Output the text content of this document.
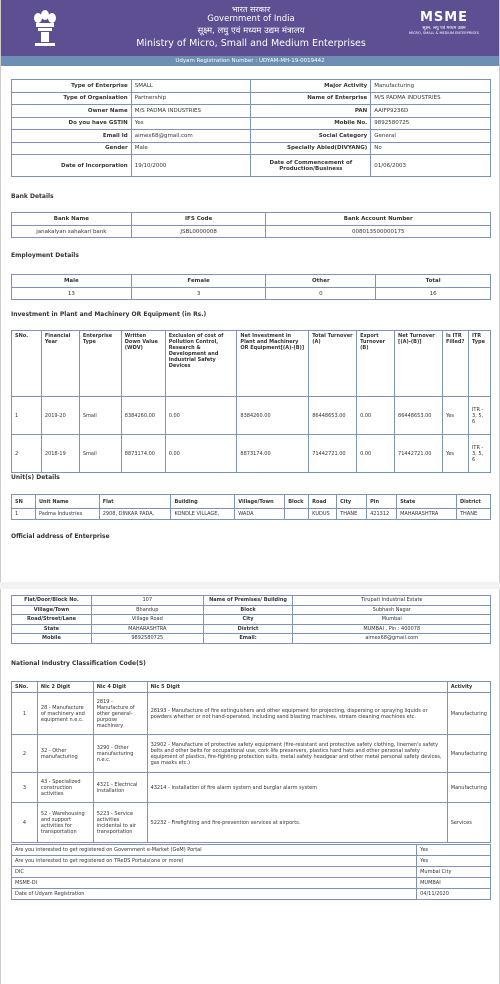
भारत सरकार
Government of India
सूक्ष्म, लघु एवं मध्यम उद्यम मंत्रालय
Ministry of Micro, Small and Medium Enterprises
MSME
सूक्ष्म, लघु एवं मध्यम उद्यम
MICRO, SMALL & MEDIUM ENTERPRISES
Udyam Registration Number : UDYAM-MH-19-0019442
Type of Enterprise	SMALL	Major Activity	Manufacturing
Type of Organisation	Partnership	Name of Enterprise	M/S PADMA INDUSTRIES
Owner Name	M/S PADMA INDUSTRIES	PAN	AAIFP9236D
Do you have GSTIN	Yes	Mobile No.	9892580725
Email Id	aimex68@gmail.com	Social Category	General
Gender	Male	Specially Abled(DIVYANG)	No
Date of Incorporation	19/10/2000	Date of Commencement of Production/Business	01/06/2003
Bank Details
Bank Name	IFS Code	Bank Account Number
janakalyan sahakari bank	JSBL0000008	008013500000175
Employment Details
Male	Female	Other	Total
13	3	0	16
Investment in Plant and Machinery OR Equipment (in Rs.)
SNo.	Financial Year	Enterprise Type	Written Down Value (WDV)	Exclusion of cost of Pollution Control, Research & Development and Industrial Safety Devices	Net Investment in Plant and Machinery OR Equipment[(A)-(B)]	Total Turnover (A)	Export Turnover (B)	Net Turnover [(A)-(B)]	Is ITR Filled?	ITR Type
1	2019-20	Small	8384260.00	0.00	8384260.00	86448653.00	0.00	86448653.00	Yes	ITR - 3, 5, 6
2	2018-19	Small	8873174.00	0.00	8873174.00	71442721.00	0.00	71442721.00	Yes	ITR - 3, 5, 6
Unit(s) Details
SN	Unit Name	Flat	Building	Village/Town	Block	Road	City	Pin	State	District
1	Padma Industries	2908, DINKAR PADA,	KONDLE VILLAGE,	WADA		KUDUS	THANE	421312	MAHARASHTRA	THANE
Official address of Enterprise
Flat/Door/Block No.	107	Name of Premises/ Building	Tirupati Industrial Estate
Village/Town	Bhandup	Block	Subhash Nagar
Road/Street/Lane	Village Road	City	Mumbai
State	MAHARASHTRA	District	MUMBAI , Pin : 400078
Mobile	9892580725	Email:	aimex68@gmail.com
National Industry Classification Code(S)
SNo.	Nic 2 Digit	Nic 4 Digit	Nic 5 Digit	Activity
1	28 - Manufacture of machinery and equipment n.e.c.	2819 - Manufacture of other general-purpose machinery	28193 - Manufacture of fire extinguishers and other equipment for projecting, dispersing or spraying liquids or powders whether or not hand-operated, including sand blasting machines, stream cleaning machines etc.	Manufacturing
2	32 - Other manufacturing	3290 - Other manufacturing n.e.c.	32902 - Manufacture of protective safety equipment (fire-resistant and protective safety clothing, linemen's safety belts and other belts for occupational use, cork life preservers, plastics hard hats and other personal safety equipment of plastics, fire-fighting protection suits, metal safety headgear and other metal personal safety devices, gas masks etc.)	Manufacturing
3	43 - Specialized construction activities	4321 - Electrical installation	43214 - Installation of fire alarm system and burglar alarm system	Manufacturing
4	52 - Warehousing and support activities for transportation	5223 - Service activities incidental to air transportation	52232 - Firefighting and fire-prevention services at airports.	Services
Are you interested to get registered on Government e-Market (GeM) Portal	Yes
Are you interested to get registered on TReDS Portals(one or more)	Yes
DIC	Mumbai City
MSME-DI	MUMBAI
Date of Udyam Registration	04/11/2020
